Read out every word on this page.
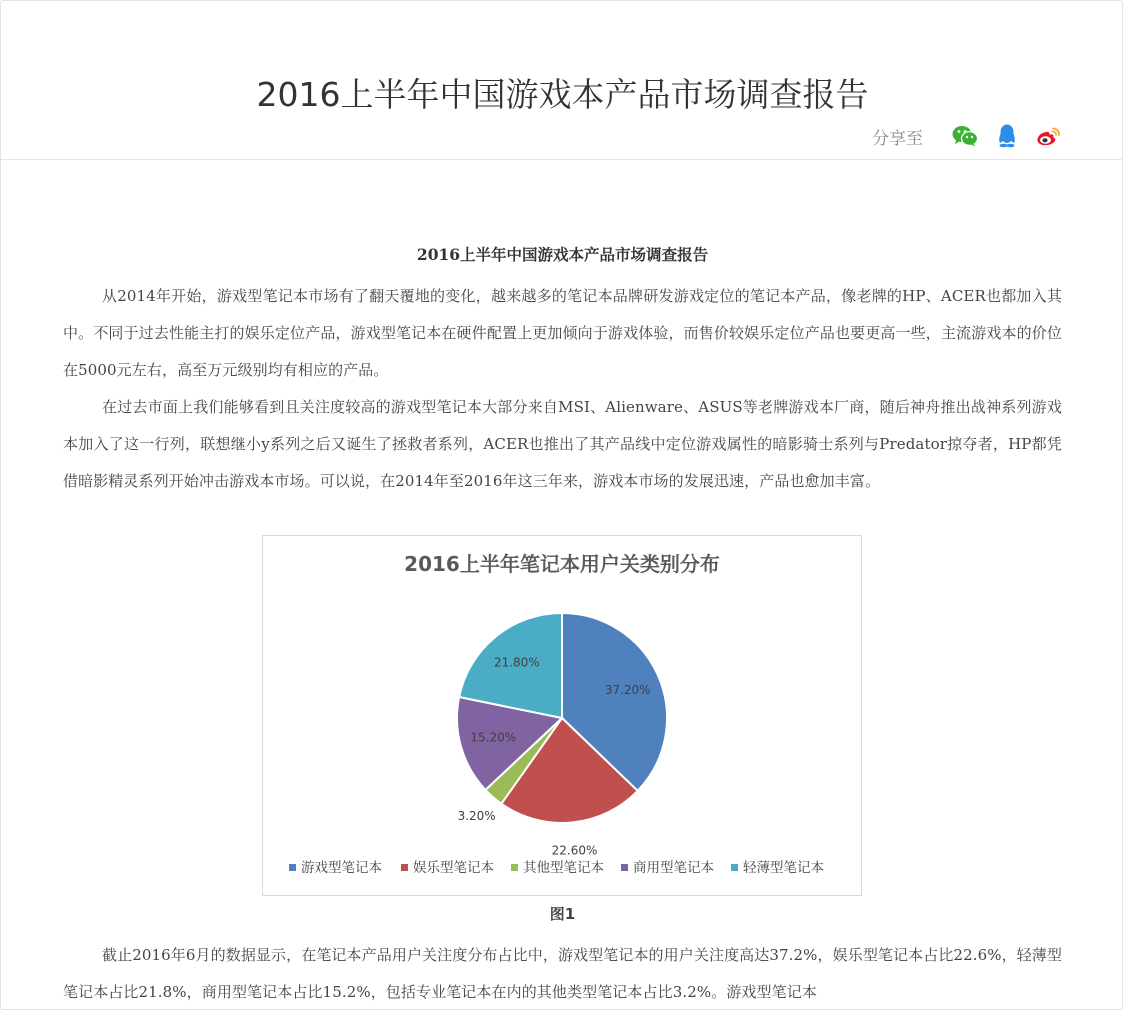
2016上半年中国游戏本产品市场调查报告
分享至
2016上半年中国游戏本产品市场调查报告

从2014年开始，游戏型笔记本市场有了翻天覆地的变化，越来越多的笔记本品牌研发游戏定位的笔记本产品，像老牌的HP、ACER也都加入其中。不同于过去性能主打的娱乐定位产品，游戏型笔记本在硬件配置上更加倾向于游戏体验，而售价较娱乐定位产品也要更高一些，主流游戏本的价位在5000元左右，高至万元级别均有相应的产品。

在过去市面上我们能够看到且关注度较高的游戏型笔记本大部分来自MSI、Alienware、ASUS等老牌游戏本厂商，随后神舟推出战神系列游戏本加入了这一行列，联想继小y系列之后又诞生了拯救者系列，ACER也推出了其产品线中定位游戏属性的暗影骑士系列与Predator掠夺者，HP都凭借暗影精灵系列开始冲击游戏本市场。可以说，在2014年至2016年这三年来，游戏本市场的发展迅速，产品也愈加丰富。

2016上半年笔记本用户关类别分布
37.20%
22.60%
3.20%
15.20%
21.80%
游戏型笔记本 娱乐型笔记本 其他型笔记本 商用型笔记本 轻薄型笔记本
图1

截止2016年6月的数据显示，在笔记本产品用户关注度分布占比中，游戏型笔记本的用户关注度高达37.2%，娱乐型笔记本占比22.6%，轻薄型笔记本占比21.8%，商用型笔记本占比15.2%，包括专业笔记本在内的其他类型笔记本占比3.2%。游戏型笔记本
